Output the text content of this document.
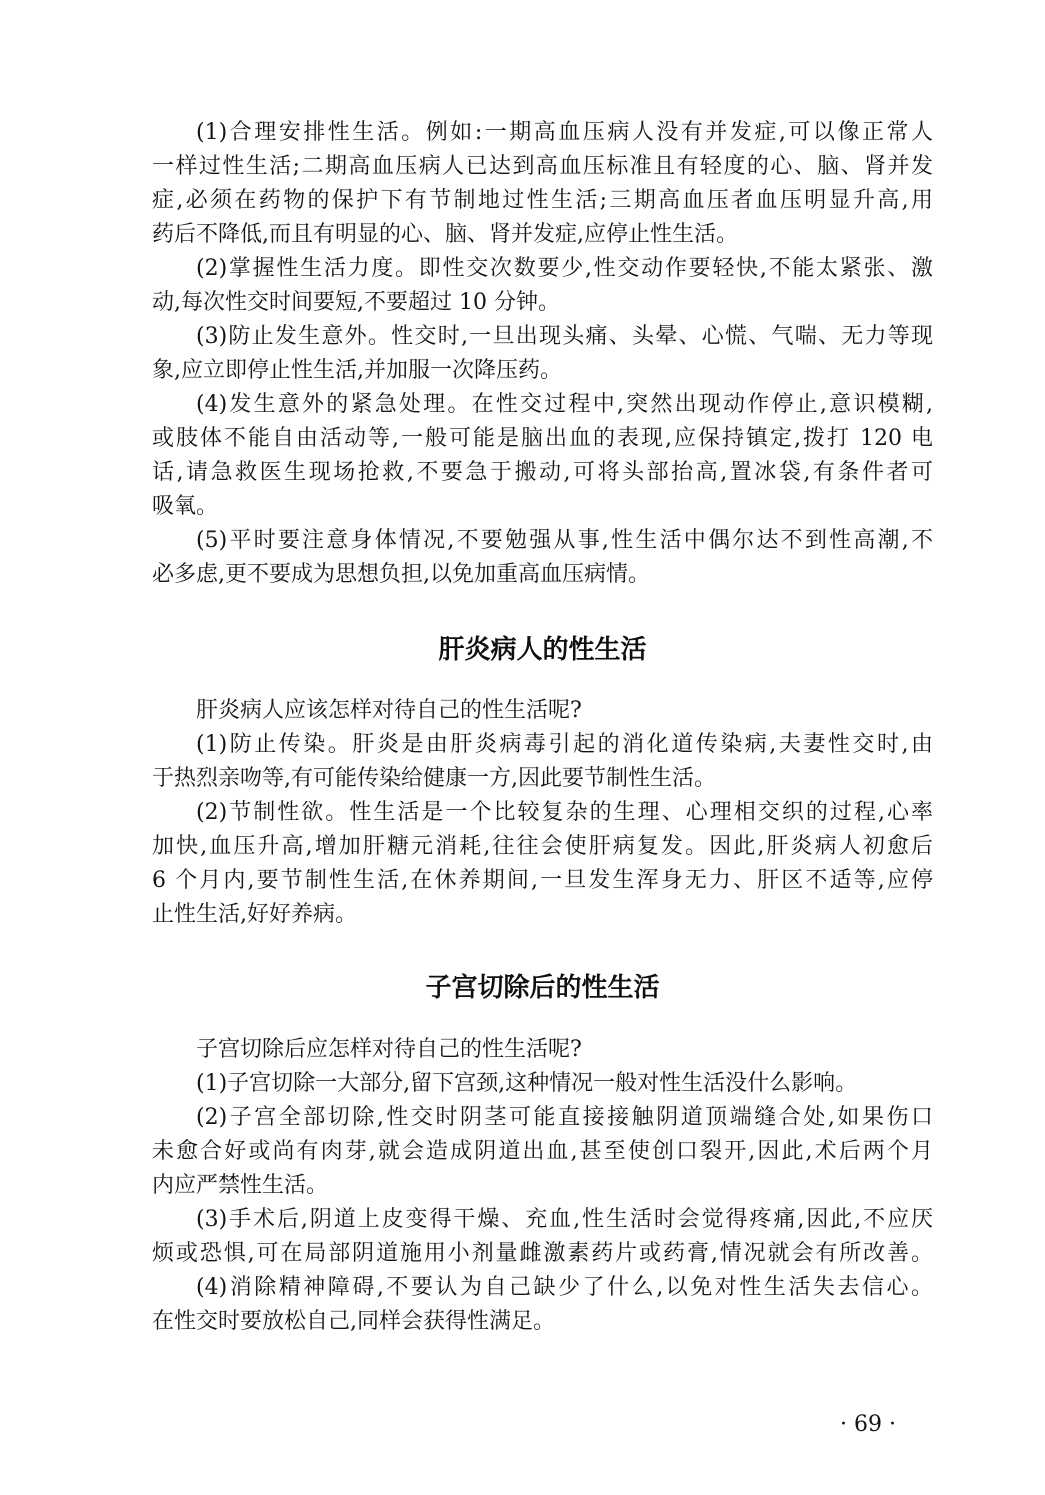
(1)合理安排性生活。例如:一期高血压病人没有并发症,可以像正常人
一样过性生活;二期高血压病人已达到高血压标准且有轻度的心、脑、肾并发
症,必须在药物的保护下有节制地过性生活;三期高血压者血压明显升高,用
药后不降低,而且有明显的心、脑、肾并发症,应停止性生活。
(2)掌握性生活力度。即性交次数要少,性交动作要轻快,不能太紧张、激
动,每次性交时间要短,不要超过 10 分钟。
(3)防止发生意外。性交时,一旦出现头痛、头晕、心慌、气喘、无力等现
象,应立即停止性生活,并加服一次降压药。
(4)发生意外的紧急处理。在性交过程中,突然出现动作停止,意识模糊,
或肢体不能自由活动等,一般可能是脑出血的表现,应保持镇定,拨打 120 电
话,请急救医生现场抢救,不要急于搬动,可将头部抬高,置冰袋,有条件者可
吸氧。
(5)平时要注意身体情况,不要勉强从事,性生活中偶尔达不到性高潮,不
必多虑,更不要成为思想负担,以免加重高血压病情。
肝炎病人的性生活
肝炎病人应该怎样对待自己的性生活呢?
(1)防止传染。肝炎是由肝炎病毒引起的消化道传染病,夫妻性交时,由
于热烈亲吻等,有可能传染给健康一方,因此要节制性生活。
(2)节制性欲。性生活是一个比较复杂的生理、心理相交织的过程,心率
加快,血压升高,增加肝糖元消耗,往往会使肝病复发。因此,肝炎病人初愈后
6 个月内,要节制性生活,在休养期间,一旦发生浑身无力、肝区不适等,应停
止性生活,好好养病。
子宫切除后的性生活
子宫切除后应怎样对待自己的性生活呢?
(1)子宫切除一大部分,留下宫颈,这种情况一般对性生活没什么影响。
(2)子宫全部切除,性交时阴茎可能直接接触阴道顶端缝合处,如果伤口
未愈合好或尚有肉芽,就会造成阴道出血,甚至使创口裂开,因此,术后两个月
内应严禁性生活。
(3)手术后,阴道上皮变得干燥、充血,性生活时会觉得疼痛,因此,不应厌
烦或恐惧,可在局部阴道施用小剂量雌激素药片或药膏,情况就会有所改善。
(4)消除精神障碍,不要认为自己缺少了什么,以免对性生活失去信心。
在性交时要放松自己,同样会获得性满足。
· 69 ·
